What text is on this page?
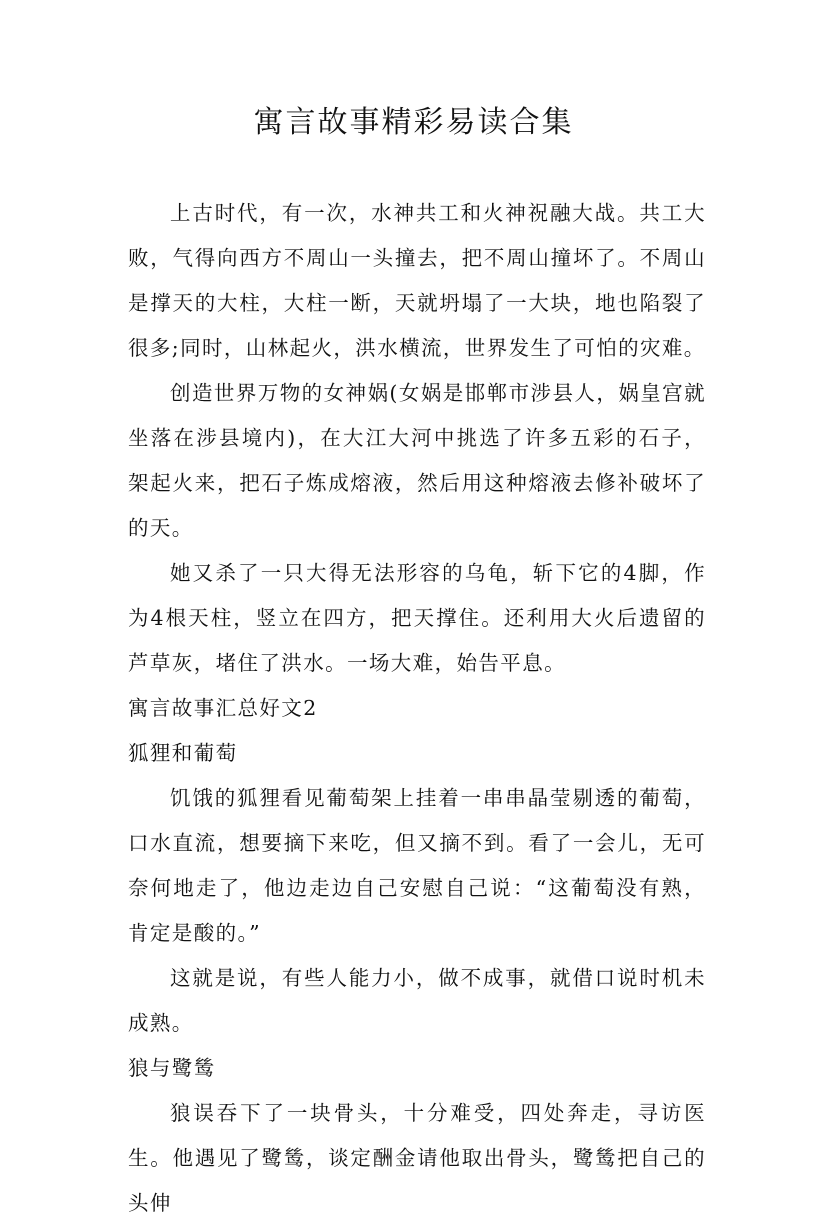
寓言故事精彩易读合集

上古时代，有一次，水神共工和火神祝融大战。共工大败，气得向西方不周山一头撞去，把不周山撞坏了。不周山是撑天的大柱，大柱一断，天就坍塌了一大块，地也陷裂了很多;同时，山林起火，洪水横流，世界发生了可怕的灾难。

创造世界万物的女神娲(女娲是邯郸市涉县人，娲皇宫就坐落在涉县境内)，在大江大河中挑选了许多五彩的石子，架起火来，把石子炼成熔液，然后用这种熔液去修补破坏了的天。

她又杀了一只大得无法形容的乌龟，斩下它的4脚，作为4根天柱，竖立在四方，把天撑住。还利用大火后遗留的芦草灰，堵住了洪水。一场大难，始告平息。

寓言故事汇总好文2

狐狸和葡萄

饥饿的狐狸看见葡萄架上挂着一串串晶莹剔透的葡萄，口水直流，想要摘下来吃，但又摘不到。看了一会儿，无可奈何地走了，他边走边自己安慰自己说：“这葡萄没有熟，肯定是酸的。”

这就是说，有些人能力小，做不成事，就借口说时机未成熟。

狼与鹭鸶

狼误吞下了一块骨头，十分难受，四处奔走，寻访医生。他遇见了鹭鸶，谈定酬金请他取出骨头，鹭鸶把自己的头伸
